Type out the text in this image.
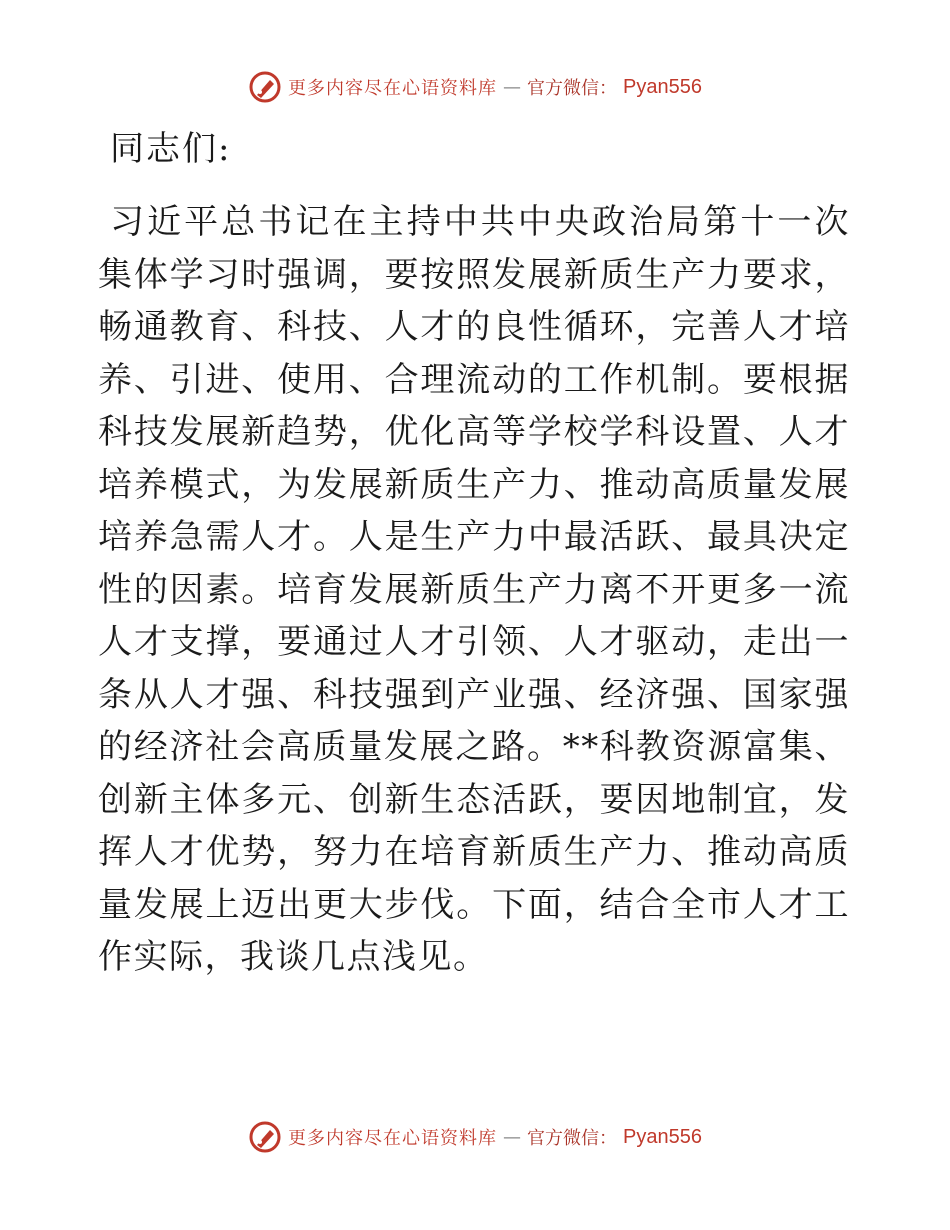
更多内容尽在心语资料库 — 官方微信： Pyan556
同志们:
习近平总书记在主持中共中央政治局第十一次集体学习时强调，要按照发展新质生产力要求，畅通教育、科技、人才的良性循环，完善人才培养、引进、使用、合理流动的工作机制。要根据科技发展新趋势，优化高等学校学科设置、人才培养模式，为发展新质生产力、推动高质量发展培养急需人才。人是生产力中最活跃、最具决定性的因素。培育发展新质生产力离不开更多一流人才支撑，要通过人才引领、人才驱动，走出一条从人才强、科技强到产业强、经济强、国家强的经济社会高质量发展之路。**科教资源富集、创新主体多元、创新生态活跃，要因地制宜，发挥人才优势，努力在培育新质生产力、推动高质量发展上迈出更大步伐。下面，结合全市人才工作实际，我谈几点浅见。
更多内容尽在心语资料库 — 官方微信： Pyan556
